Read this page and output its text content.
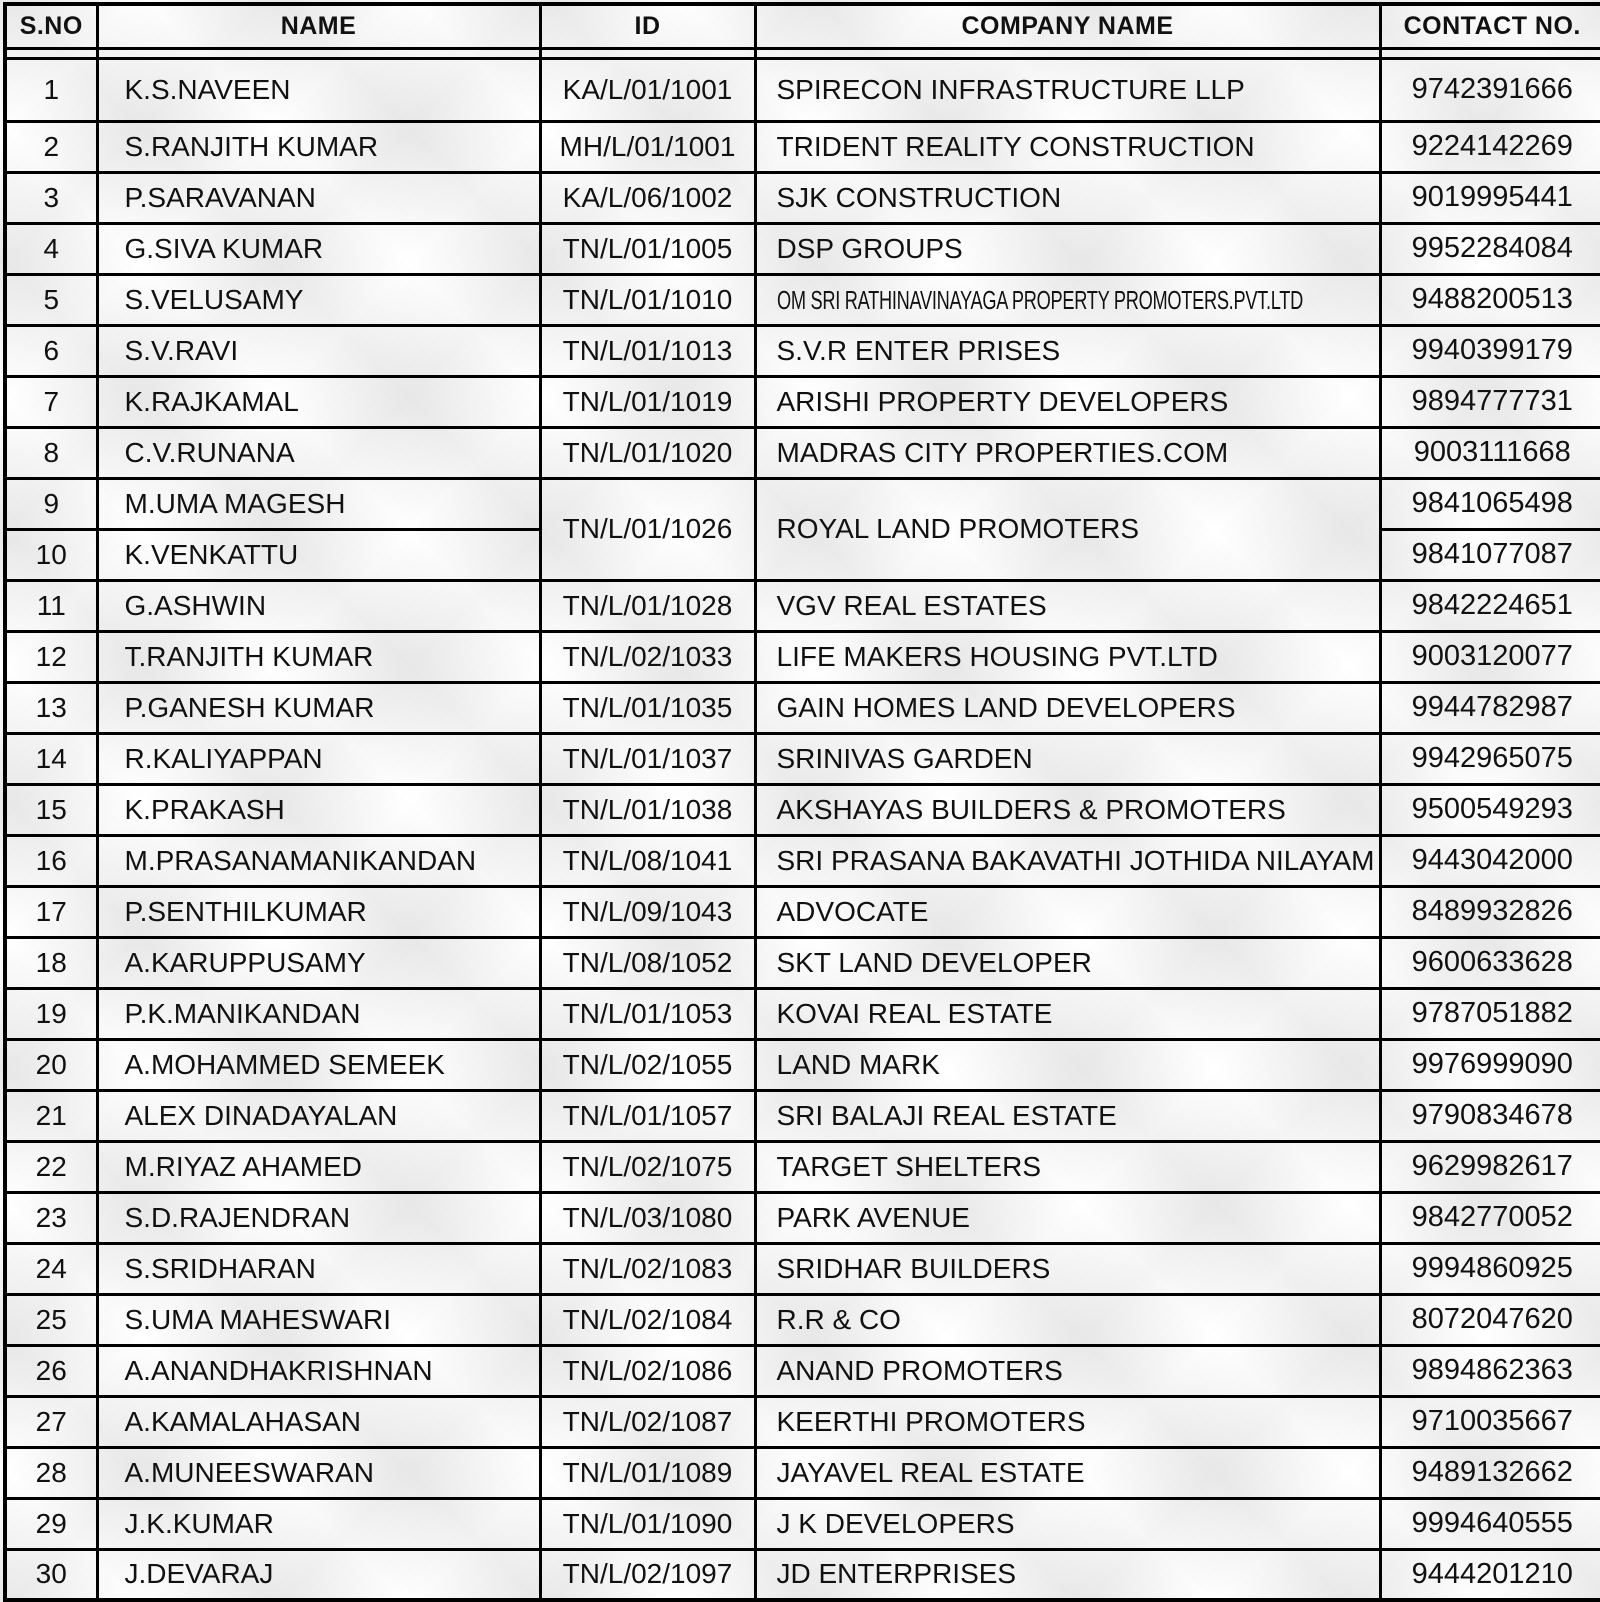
S.NO	NAME	ID	COMPANY NAME	CONTACT NO.

1	K.S.NAVEEN	KA/L/01/1001	SPIRECON INFRASTRUCTURE LLP	9742391666
2	S.RANJITH KUMAR	MH/L/01/1001	TRIDENT REALITY CONSTRUCTION	9224142269
3	P.SARAVANAN	KA/L/06/1002	SJK CONSTRUCTION	9019995441
4	G.SIVA KUMAR	TN/L/01/1005	DSP GROUPS	9952284084
5	S.VELUSAMY	TN/L/01/1010	OM SRI RATHINAVINAYAGA PROPERTY PROMOTERS.PVT.LTD	9488200513
6	S.V.RAVI	TN/L/01/1013	S.V.R ENTER PRISES	9940399179
7	K.RAJKAMAL	TN/L/01/1019	ARISHI PROPERTY DEVELOPERS	9894777731
8	C.V.RUNANA	TN/L/01/1020	MADRAS CITY PROPERTIES.COM	9003111668
9	M.UMA MAGESH	TN/L/01/1026	ROYAL LAND PROMOTERS	9841065498
10	K.VENKATTU			9841077087
11	G.ASHWIN	TN/L/01/1028	VGV REAL ESTATES	9842224651
12	T.RANJITH KUMAR	TN/L/02/1033	LIFE MAKERS HOUSING PVT.LTD	9003120077
13	P.GANESH KUMAR	TN/L/01/1035	GAIN HOMES LAND DEVELOPERS	9944782987
14	R.KALIYAPPAN	TN/L/01/1037	SRINIVAS GARDEN	9942965075
15	K.PRAKASH	TN/L/01/1038	AKSHAYAS BUILDERS & PROMOTERS	9500549293
16	M.PRASANAMANIKANDAN	TN/L/08/1041	SRI PRASANA BAKAVATHI JOTHIDA NILAYAM	9443042000
17	P.SENTHILKUMAR	TN/L/09/1043	ADVOCATE	8489932826
18	A.KARUPPUSAMY	TN/L/08/1052	SKT LAND DEVELOPER	9600633628
19	P.K.MANIKANDAN	TN/L/01/1053	KOVAI REAL ESTATE	9787051882
20	A.MOHAMMED SEMEEK	TN/L/02/1055	LAND MARK	9976999090
21	ALEX DINADAYALAN	TN/L/01/1057	SRI BALAJI REAL ESTATE	9790834678
22	M.RIYAZ AHAMED	TN/L/02/1075	TARGET SHELTERS	9629982617
23	S.D.RAJENDRAN	TN/L/03/1080	PARK AVENUE	9842770052
24	S.SRIDHARAN	TN/L/02/1083	SRIDHAR BUILDERS	9994860925
25	S.UMA MAHESWARI	TN/L/02/1084	R.R & CO	8072047620
26	A.ANANDHAKRISHNAN	TN/L/02/1086	ANAND PROMOTERS	9894862363
27	A.KAMALAHASAN	TN/L/02/1087	KEERTHI PROMOTERS	9710035667
28	A.MUNEESWARAN	TN/L/01/1089	JAYAVEL REAL ESTATE	9489132662
29	J.K.KUMAR	TN/L/01/1090	J K DEVELOPERS	9994640555
30	J.DEVARAJ	TN/L/02/1097	JD ENTERPRISES	9444201210
